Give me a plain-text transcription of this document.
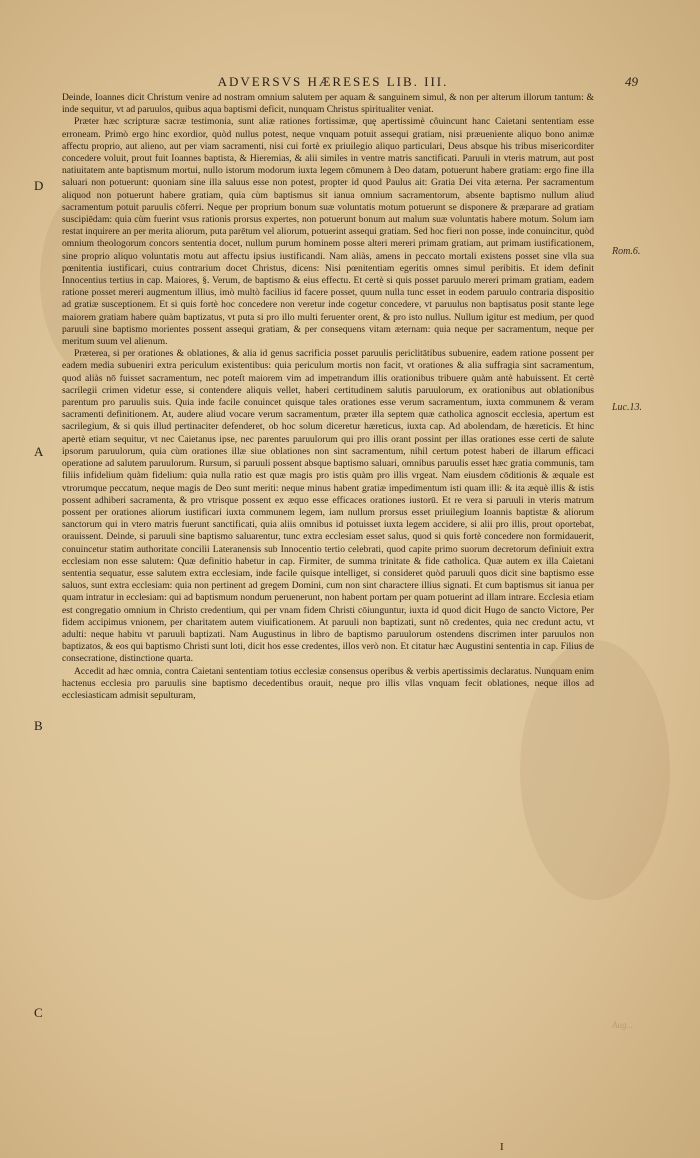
ADVERSVS HÆRESES LIB. III.	49
D
A
B
C
Rom.6.
Luc.13.
Aug...

Deinde, Ioannes dicit Christum venire ad nostram omnium salutem per aquam & sanguinem simul, & non per alterum illorum tantum: & inde sequitur, vt ad paruulos, quibus aqua baptismi deficit, nunquam Christus spiritualiter veniat.

Præter hæc scripturæ sacræ testimonia, sunt aliæ rationes fortissimæ, quę apertissimè côuincunt hanc Caietani sententiam esse erroneam. Primò ergo hinc exordior, quòd nullus potest, neque vnquam potuit assequi gratiam, nisi præueniente aliquo bono animæ affectu proprio, aut alieno, aut per viam sacramenti, nisi cui fortè ex priuilegio aliquo particulari, Deus absque his tribus misericorditer concedere voluit, prout fuit Ioannes baptista, & Hieremias, & alii similes in ventre matris sanctificati. Paruuli in vteris matrum, aut post natiuitatem ante baptismum mortui, nullo istorum modorum iuxta legem cōmunem à Deo datam, potuerunt habere gratiam: ergo fine illa saluari non potuerunt: quoniam sine illa saluus esse non potest, propter id quod Paulus ait: Gratia Dei vita æterna. Per sacramentum aliquod non potuerunt habere gratiam, quia cùm baptismus sit ianua omnium sacramentorum, absente baptismo nullum aliud sacramentum potuit paruulis cōferri. Neque per proprium bonum suæ voluntatis motum potuerunt se disponere & præparare ad gratiam suscipiēdam: quia cùm fuerint vsus rationis prorsus expertes, non potuerunt bonum aut malum suæ voluntatis habere motum. Solum iam restat inquirere an per merita aliorum, puta parētum vel aliorum, potuerint assequi gratiam. Sed hoc fieri non posse, inde conuincitur, quòd omnium theologorum concors sententia docet, nullum purum hominem posse alteri mereri primam gratiam, aut primam iustificationem, sine proprio aliquo voluntatis motu aut affectu ipsius iustificandi. Nam aliàs, amens in peccato mortali existens posset sine vlla sua pœnitentia iustificari, cuius contrarium docet Christus, dicens: Nisi pœnitentiam egeritis omnes simul peribitis. Et idem definit Innocentius tertius in cap. Maiores, §. Verum, de baptismo & eius effectu. Et certè si quis posset paruulo mereri primam gratiam, eadem ratione posset mereri augmentum illius, imò multò facilius id facere posset, quum nulla tunc esset in eodem paruulo contraria dispositio ad gratiæ susceptionem. Et si quis fortè hoc concedere non veretur inde cogetur concedere, vt paruulus non baptisatus posit stante lege maiorem gratiam habere quàm baptizatus, vt puta si pro illo multi feruenter orent, & pro isto nullus. Nullum igitur est medium, per quod paruuli sine baptismo morientes possent assequi gratiam, & per consequens vitam æternam: quia neque per sacramentum, neque per meritum suum vel alienum.

Præterea, si per orationes & oblationes, & alia id genus sacrificia posset paruulis periclitātibus subuenire, eadem ratione possent per eadem media subueniri extra periculum existentibus: quia periculum mortis non facit, vt orationes & alia suffragia sint sacramentum, quod aliàs nō fuisset sacramentum, nec poteſt maiorem vim ad impetrandum illis orationibus tribuere quàm antè habuissent. Et certè sacrilegii crimen videtur esse, si contendere aliquis vellet, haberi certitudinem salutis paruulorum, ex orationibus aut oblationibus parentum pro paruulis suis. Quia inde facile conuincet quisque tales orationes esse verum sacramentum, iuxta communem & veram sacramenti definitionem. At, audere aliud vocare verum sacramentum, præter illa septem quæ catholica agnoscit ecclesia, apertum est sacrilegium, & si quis illud pertinaciter defenderet, ob hoc solum diceretur hæreticus, iuxta cap. Ad abolendam, de hæreticis. Et hinc apertè etiam sequitur, vt nec Caietanus ipse, nec parentes paruulorum qui pro illis orant possint per illas orationes esse certi de salute ipsorum paruulorum, quia cùm orationes illæ siue oblationes non sint sacramentum, nihil certum potest haberi de illarum efficaci operatione ad salutem paruulorum. Rursum, si paruuli possent absque baptismo saluari, omnibus paruulis esset hæc gratia communis, tam filiis infidelium quàm fidelium: quia nulla ratio est quæ magis pro istis quàm pro illis vrgeat. Nam eiusdem cōditionis & æquale est vtrorumque peccatum, neque magis de Deo sunt meriti: neque minus habent gratiæ impedimentum isti quam illi: & ita æquè illis & istis possent adhiberi sacramenta, & pro vtrisque possent ex æquo esse efficaces orationes iustorū. Et re vera si paruuli in vteris matrum possent per orationes aliorum iustificari iuxta communem legem, iam nullum prorsus esset priuilegium Ioannis baptistæ & aliorum sanctorum qui in vtero matris fuerunt sanctificati, quia aliis omnibus id potuisset iuxta legem accidere, si alii pro illis, prout oportebat, orauissent. Deinde, si paruuli sine baptismo saluarentur, tunc extra ecclesiam esset salus, quod si quis fortè concedere non formidauerit, conuincetur statim authoritate concilii Lateranensis sub Innocentio tertio celebrati, quod capite primo suorum decretorum definiuit extra ecclesiam non esse salutem: Quæ definitio habetur in cap. Firmiter, de summa trinitate & fide catholica. Quæ autem ex illa Caietani sententia sequatur, esse salutem extra ecclesiam, inde facile quisque intelliget, si consideret quòd paruuli quos dicit sine baptismo esse saluos, sunt extra ecclesiam: quia non pertinent ad gregem Domini, cum non sint charactere illius signati. Et cum baptismus sit ianua per quam intratur in ecclesiam: qui ad baptismum nondum peruenerunt, non habent portam per quam potuerint ad illam intrare. Ecclesia etiam est congregatio omnium in Christo credentium, qui per vnam fidem Christi cōiunguntur, iuxta id quod dicit Hugo de sancto Victore, Per fidem accipimus vnionem, per charitatem autem viuificationem. At paruuli non baptizati, sunt nō credentes, quia nec credunt actu, vt adulti: neque habitu vt paruuli baptizati. Nam Augustinus in libro de baptismo paruulorum ostendens discrimen inter paruulos non baptizatos, & eos qui baptismo Christi sunt loti, dicit hos esse credentes, illos verò non. Et citatur hæc Augustini sententia in cap. Filius de consecratione, distinctione quarta.

Accedit ad hæc omnia, contra Caietani sententiam totius ecclesiæ consensus operibus & verbis apertissimis declaratus. Nunquam enim hactenus ecclesia pro paruulis sine baptismo decedentibus orauit, neque pro illis vllas vnquam fecit oblationes, neque illos ad ecclesiasticam admisit sepulturam,

I
